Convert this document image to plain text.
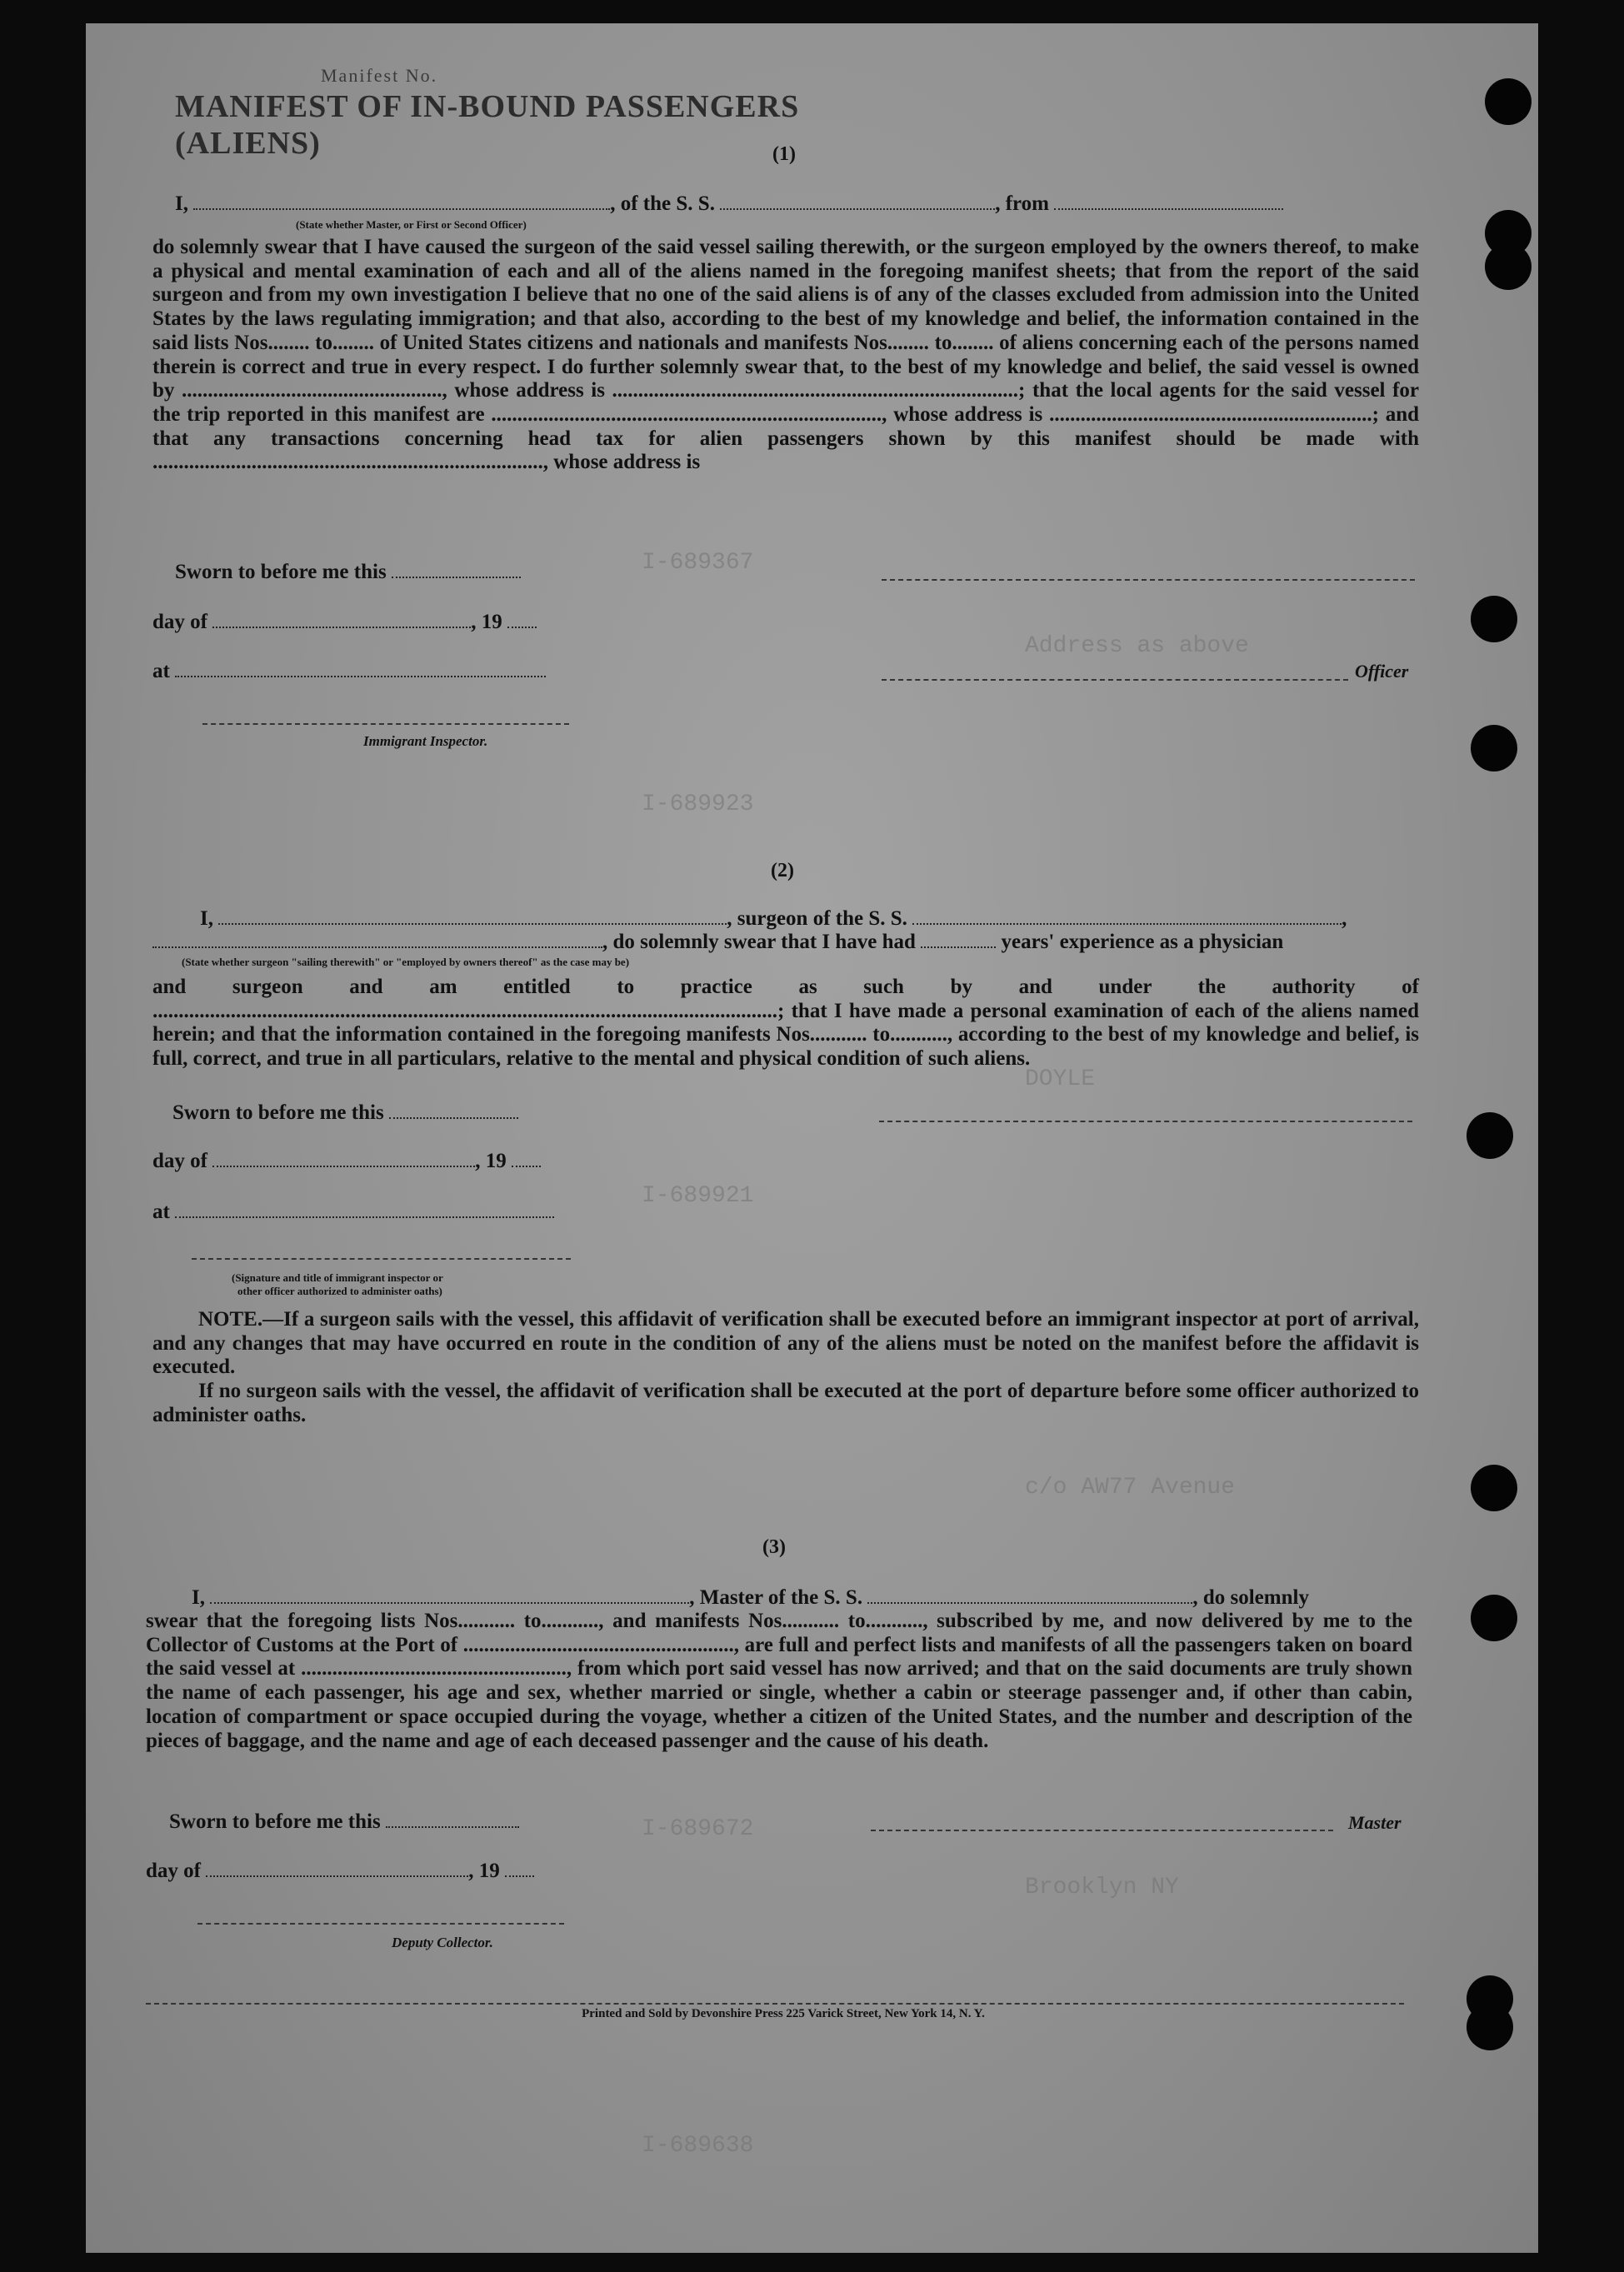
I-689367
Address as above
I-689923
DOYLE
I-689921
c/o AW77 Avenue
I-689672
Brooklyn NY
I-689638
Manifest No.
MANIFEST OF IN-BOUND PASSENGERS (ALIENS)	(1)
I,	, of the S. S.	, from
(State whether Master, or First or Second Officer)
do solemnly swear that I have caused the surgeon of the said vessel sailing therewith, or the surgeon employed by the owners thereof, to make a physical and mental examination of each and all of the aliens named in the foregoing manifest sheets; that from the report of the said surgeon and from my own investigation I believe that no one of the said aliens is of any of the classes excluded from admission into the United States by the laws regulating immigration; and that also, according to the best of my knowledge and belief, the information contained in the said lists Nos........ to........ of United States citizens and nationals and manifests Nos........ to........ of aliens concerning each of the persons named therein is correct and true in every respect. I do further solemnly swear that, to the best of my knowledge and belief, the said vessel is owned by .................................................., whose address is ..............................................................................; that the local agents for the said vessel for the trip reported in this manifest are ..........................................................................., whose address is ..............................................................; and that any transactions concerning head tax for alien passengers shown by this manifest should be made with ..........................................................................., whose address is
Sworn to before me this
day of	, 19
at	Officer
Immigrant Inspector.
(2)
I,	, surgeon of the S. S.	,
, do solemnly swear that I have had	years' experience as a physician
(State whether surgeon "sailing therewith" or "employed by owners thereof" as the case may be)
and surgeon and am entitled to practice as such by and under the authority of ........................................................................................................................; that I have made a personal examination of each of the aliens named herein; and that the information contained in the foregoing manifests Nos........... to..........., according to the best of my knowledge and belief, is full, correct, and true in all particulars, relative to the mental and physical condition of such aliens.
Sworn to before me this
day of	, 19
at
(Signature and title of immigrant inspector or
other officer authorized to administer oaths)
NOTE.—If a surgeon sails with the vessel, this affidavit of verification shall be executed before an immigrant inspector at port of arrival, and any changes that may have occurred en route in the condition of any of the aliens must be noted on the manifest before the affidavit is executed.
If no surgeon sails with the vessel, the affidavit of verification shall be executed at the port of departure before some officer authorized to administer oaths.
(3)
I,	, Master of the S. S.	, do solemnly
swear that the foregoing lists Nos........... to..........., and manifests Nos........... to..........., subscribed by me, and now delivered by me to the Collector of Customs at the Port of ...................................................., are full and perfect lists and manifests of all the passengers taken on board the said vessel at ..................................................., from which port said vessel has now arrived; and that on the said documents are truly shown the name of each passenger, his age and sex, whether married or single, whether a cabin or steerage passenger and, if other than cabin, location of compartment or space occupied during the voyage, whether a citizen of the United States, and the number and description of the pieces of baggage, and the name and age of each deceased passenger and the cause of his death.
Sworn to before me this	Master
day of	, 19
Deputy Collector.
Printed and Sold by Devonshire Press 225 Varick Street, New York 14, N. Y.
